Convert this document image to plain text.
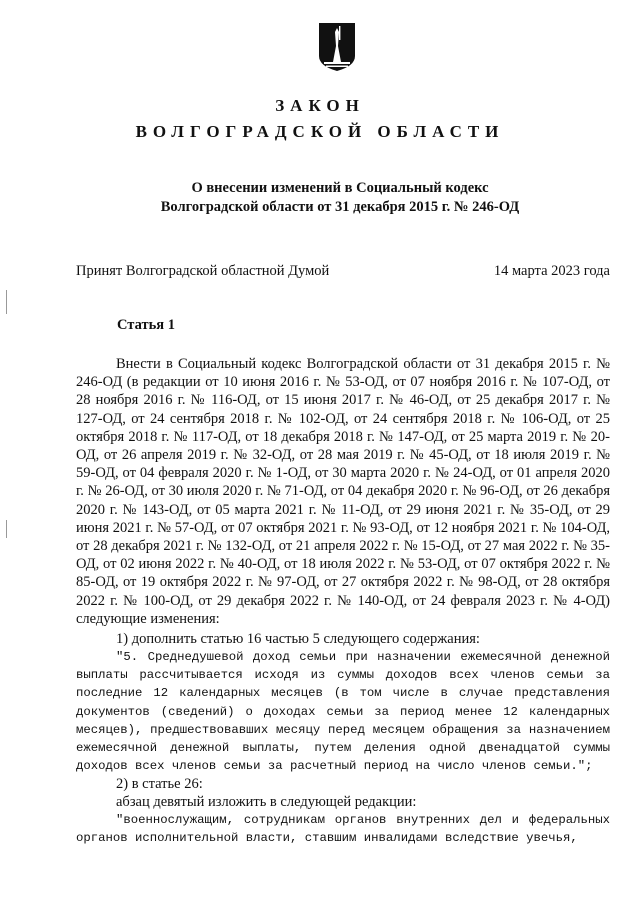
ЗАКОН
ВОЛГОГРАДСКОЙ ОБЛАСТИ
О внесении изменений в Социальный кодекс
Волгоградской области от 31 декабря 2015 г. № 246-ОД
Принят Волгоградской областной Думой	14 марта 2023 года
Статья 1
Внести в Социальный кодекс Волгоградской области от 31 декабря 2015 г. № 246-ОД (в редакции от 10 июня 2016 г. № 53-ОД, от 07 ноября 2016 г. № 107-ОД, от 28 ноября 2016 г. № 116-ОД, от 15 июня 2017 г. № 46-ОД, от 25 декабря 2017 г. № 127-ОД, от 24 сентября 2018 г. № 102-ОД, от 24 сентября 2018 г. № 106-ОД, от 25 октября 2018 г. № 117-ОД, от 18 декабря 2018 г. № 147-ОД, от 25 марта 2019 г. № 20-ОД, от 26 апреля 2019 г. № 32-ОД, от 28 мая 2019 г. № 45-ОД, от 18 июля 2019 г. № 59-ОД, от 04 февраля 2020 г. № 1-ОД, от 30 марта 2020 г. № 24-ОД, от 01 апреля 2020 г. № 26-ОД, от 30 июля 2020 г. № 71-ОД, от 04 декабря 2020 г. № 96-ОД, от 26 декабря 2020 г. № 143-ОД, от 05 марта 2021 г. № 11-ОД, от 29 июня 2021 г. № 35-ОД, от 29 июня 2021 г. № 57-ОД, от 07 октября 2021 г. № 93-ОД, от 12 ноября 2021 г. № 104-ОД, от 28 декабря 2021 г. № 132-ОД, от 21 апреля 2022 г. № 15-ОД, от 27 мая 2022 г. № 35-ОД, от 02 июня 2022 г. № 40-ОД, от 18 июля 2022 г. № 53-ОД, от 07 октября 2022 г. № 85-ОД, от 19 октября 2022 г. № 97-ОД, от 27 октября 2022 г. № 98-ОД, от 28 октября 2022 г. № 100-ОД, от 29 декабря 2022 г. № 140-ОД, от 24 февраля 2023 г. № 4-ОД) следующие изменения:
1) дополнить статью 16 частью 5 следующего содержания:
"5. Среднедушевой доход семьи при назначении ежемесячной денежной выплаты рассчитывается исходя из суммы доходов всех членов семьи за последние 12 календарных месяцев (в том числе в случае представления документов (сведений) о доходах семьи за период менее 12 календарных месяцев), предшествовавших месяцу перед месяцем обращения за назначением ежемесячной денежной выплаты, путем деления одной двенадцатой суммы доходов всех членов семьи за расчетный период на число членов семьи.";
2) в статье 26:
абзац девятый изложить в следующей редакции:
"военнослужащим, сотрудникам органов внутренних дел и федеральных органов исполнительной власти, ставшим инвалидами вследствие увечья,
